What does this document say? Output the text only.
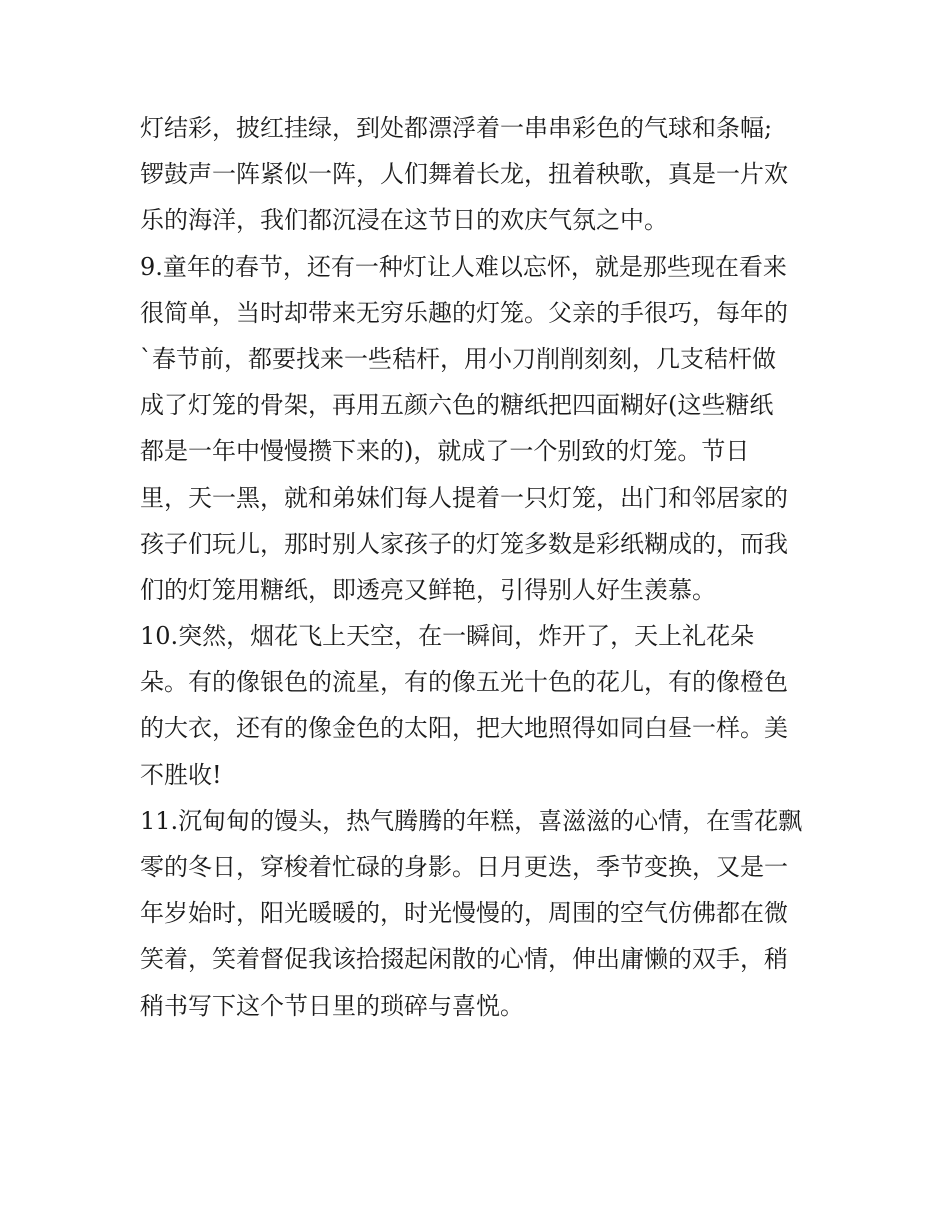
灯结彩，披红挂绿，到处都漂浮着一串串彩色的气球和条幅;
锣鼓声一阵紧似一阵，人们舞着长龙，扭着秧歌，真是一片欢
乐的海洋，我们都沉浸在这节日的欢庆气氛之中。
9.童年的春节，还有一种灯让人难以忘怀，就是那些现在看来
很简单，当时却带来无穷乐趣的灯笼。父亲的手很巧，每年的
`春节前，都要找来一些秸杆，用小刀削削刻刻，几支秸杆做
成了灯笼的骨架，再用五颜六色的糖纸把四面糊好(这些糖纸
都是一年中慢慢攒下来的)，就成了一个别致的灯笼。节日
里，天一黑，就和弟妹们每人提着一只灯笼，出门和邻居家的
孩子们玩儿，那时别人家孩子的灯笼多数是彩纸糊成的，而我
们的灯笼用糖纸，即透亮又鲜艳，引得别人好生羡慕。
10.突然，烟花飞上天空，在一瞬间，炸开了，天上礼花朵
朵。有的像银色的流星，有的像五光十色的花儿，有的像橙色
的大衣，还有的像金色的太阳，把大地照得如同白昼一样。美
不胜收!
11.沉甸甸的馒头，热气腾腾的年糕，喜滋滋的心情，在雪花飘
零的冬日，穿梭着忙碌的身影。日月更迭，季节变换，又是一
年岁始时，阳光暖暖的，时光慢慢的，周围的空气仿佛都在微
笑着，笑着督促我该拾掇起闲散的心情，伸出庸懒的双手，稍
稍书写下这个节日里的琐碎与喜悦。
